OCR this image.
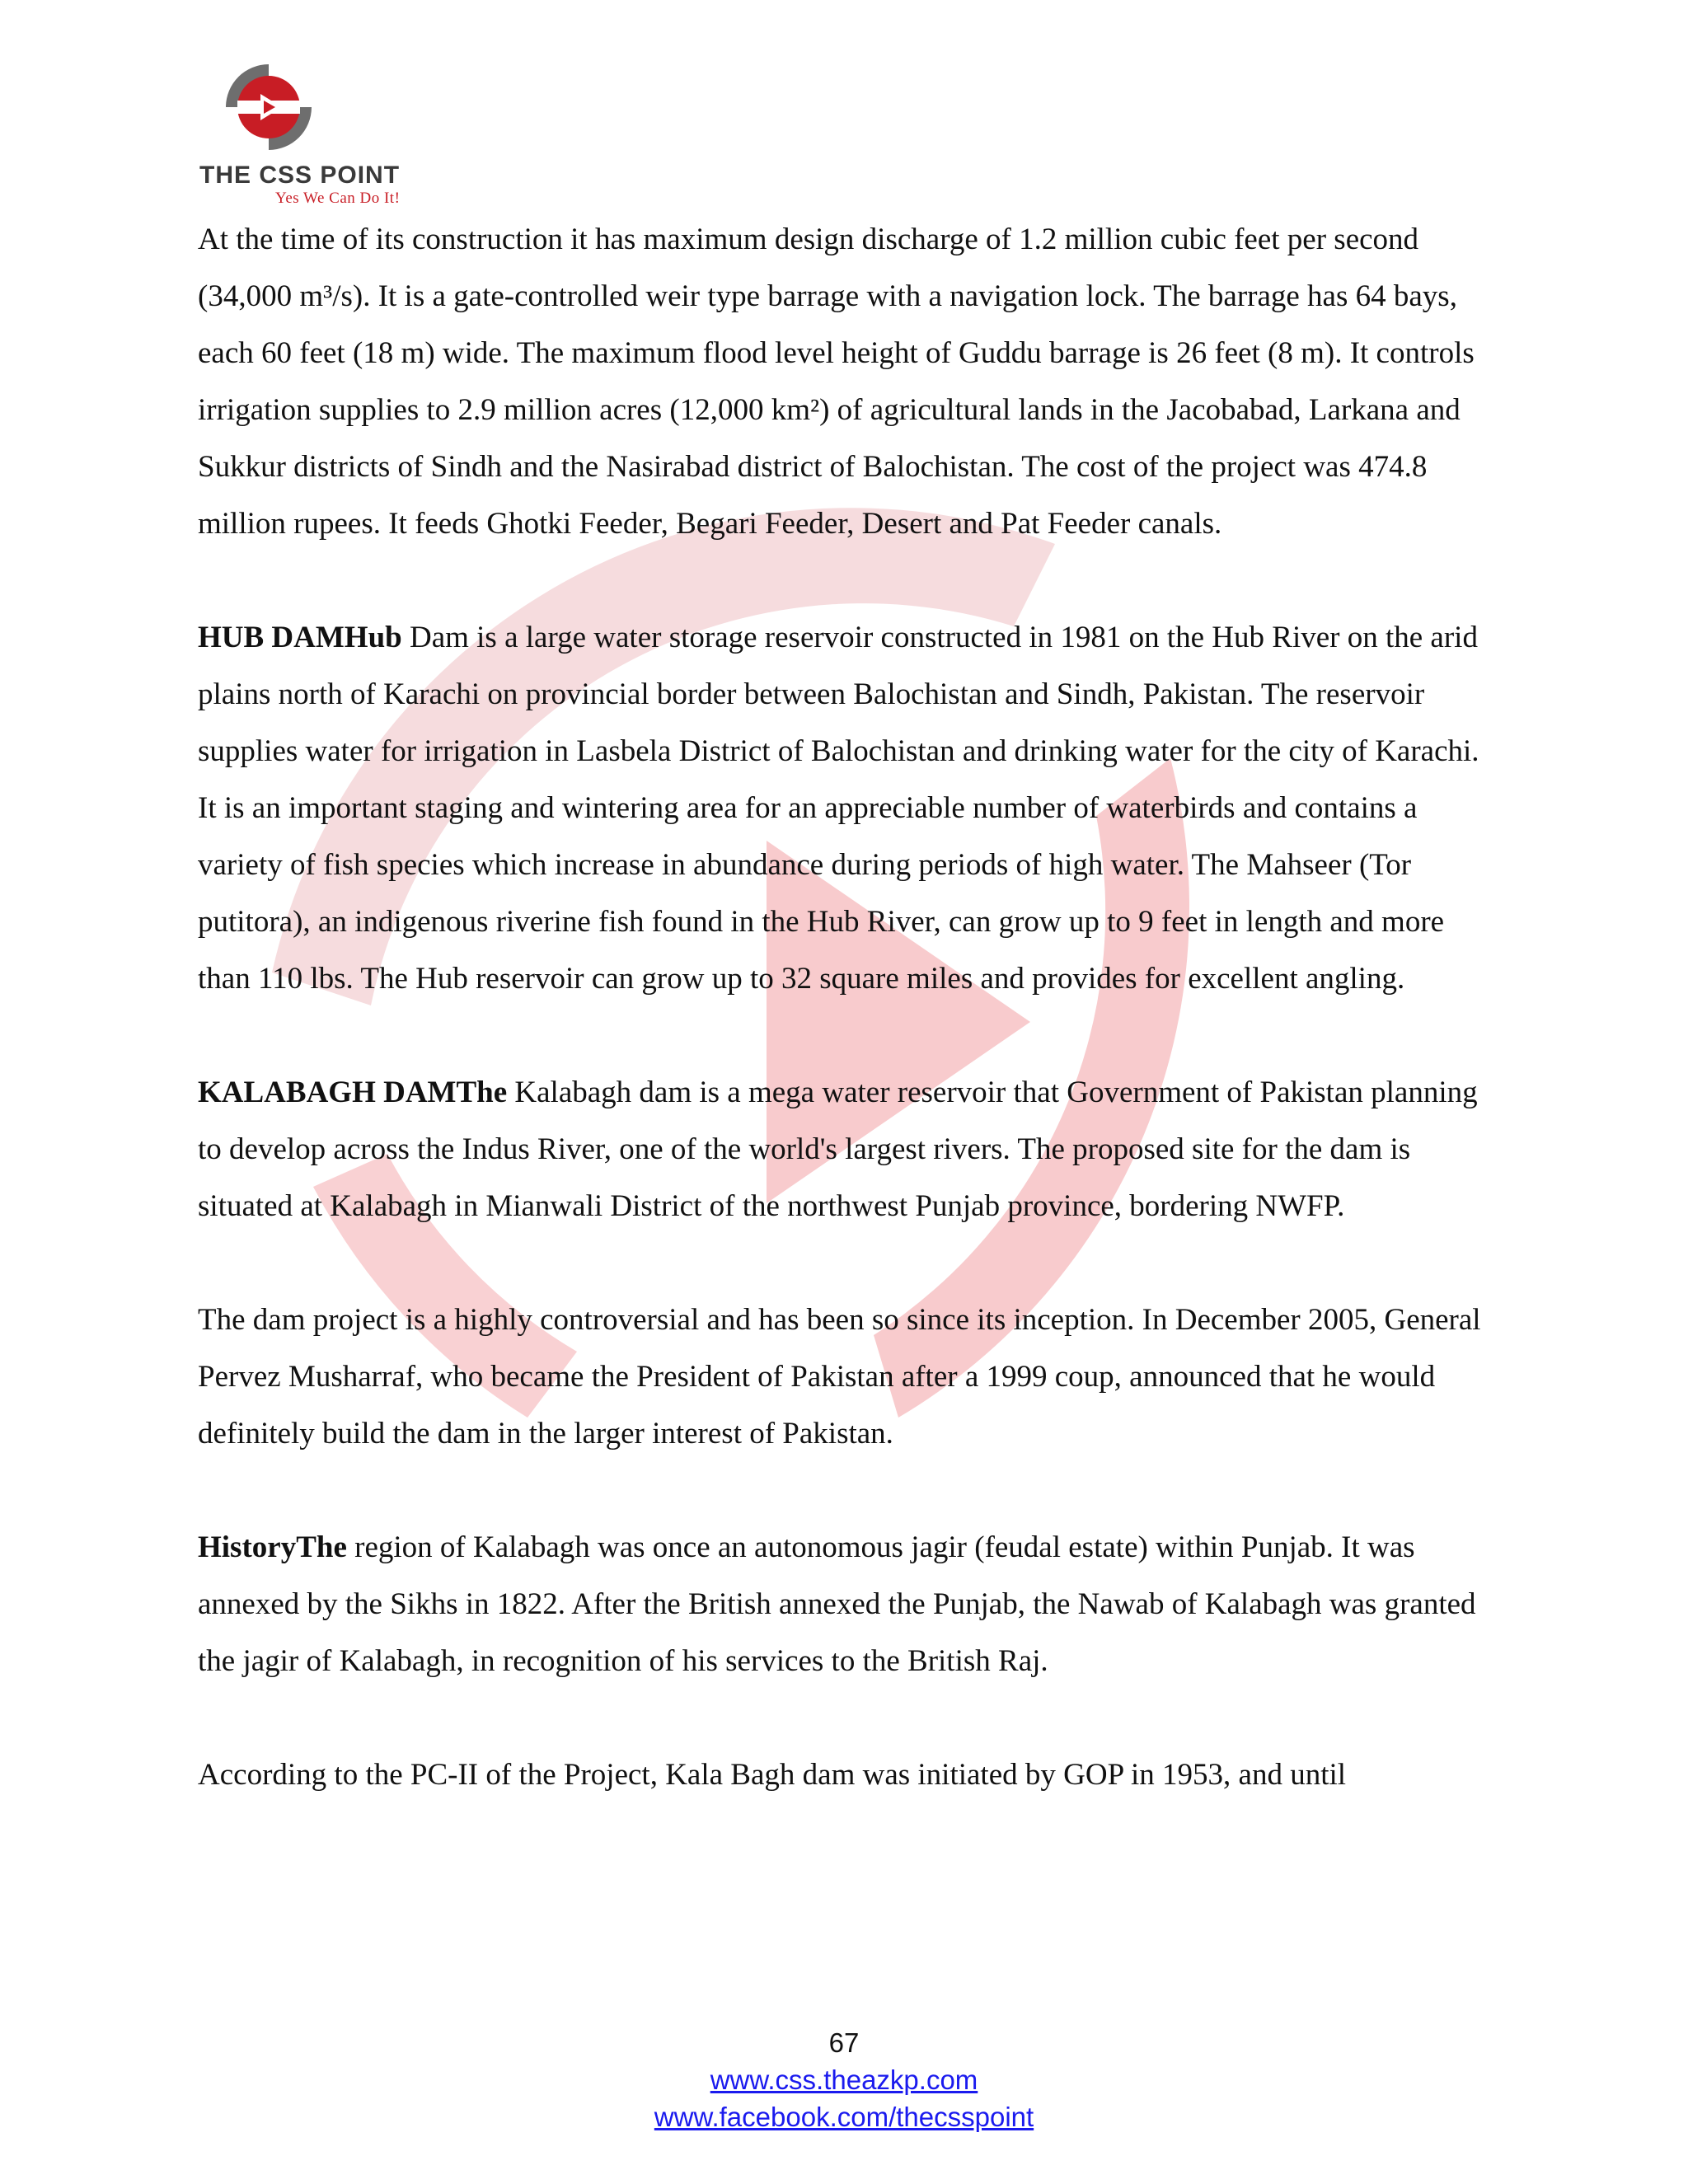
THE CSS POINT
Yes We Can Do It!

At the time of its construction it has maximum design discharge of 1.2 million cubic feet per second (34,000 m³/s). It is a gate-controlled weir type barrage with a navigation lock. The barrage has 64 bays, each 60 feet (18 m) wide. The maximum flood level height of Guddu barrage is 26 feet (8 m). It controls irrigation supplies to 2.9 million acres (12,000 km²) of agricultural lands in the Jacobabad, Larkana and Sukkur districts of Sindh and the Nasirabad district of Balochistan. The cost of the project was 474.8 million rupees. It feeds Ghotki Feeder, Begari Feeder, Desert and Pat Feeder canals.

HUB DAMHub Dam is a large water storage reservoir constructed in 1981 on the Hub River on the arid plains north of Karachi on provincial border between Balochistan and Sindh, Pakistan. The reservoir supplies water for irrigation in Lasbela District of Balochistan and drinking water for the city of Karachi. It is an important staging and wintering area for an appreciable number of waterbirds and contains a variety of fish species which increase in abundance during periods of high water. The Mahseer (Tor putitora), an indigenous riverine fish found in the Hub River, can grow up to 9 feet in length and more than 110 lbs. The Hub reservoir can grow up to 32 square miles and provides for excellent angling.

KALABAGH DAMThe Kalabagh dam is a mega water reservoir that Government of Pakistan planning to develop across the Indus River, one of the world's largest rivers. The proposed site for the dam is situated at Kalabagh in Mianwali District of the northwest Punjab province, bordering NWFP.

The dam project is a highly controversial and has been so since its inception. In December 2005, General Pervez Musharraf, who became the President of Pakistan after a 1999 coup, announced that he would definitely build the dam in the larger interest of Pakistan.

HistoryThe region of Kalabagh was once an autonomous jagir (feudal estate) within Punjab. It was annexed by the Sikhs in 1822. After the British annexed the Punjab, the Nawab of Kalabagh was granted the jagir of Kalabagh, in recognition of his services to the British Raj.

According to the PC-II of the Project, Kala Bagh dam was initiated by GOP in 1953, and until

67
www.css.theazkp.com
www.facebook.com/thecsspoint
